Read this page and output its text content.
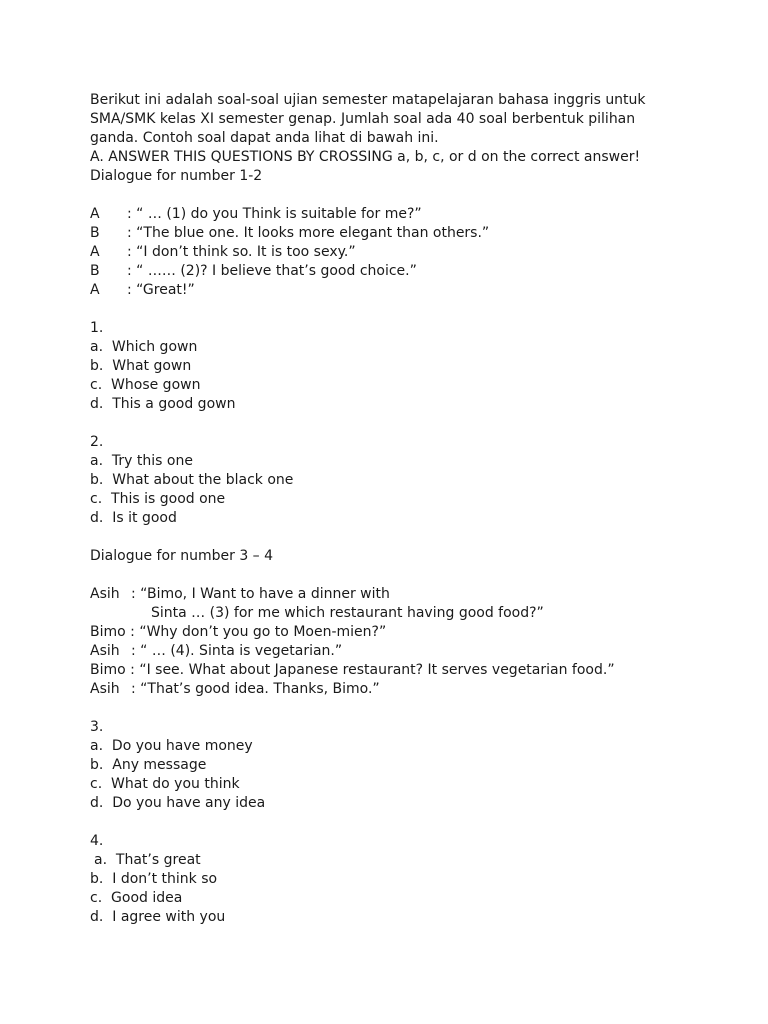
Berikut ini adalah soal-soal ujian semester matapelajaran bahasa inggris untuk
SMA/SMK kelas XI semester genap. Jumlah soal ada 40 soal berbentuk pilihan
ganda. Contoh soal dapat anda lihat di bawah ini.
A. ANSWER THIS QUESTIONS BY CROSSING a, b, c, or d on the correct answer!
Dialogue for number 1-2
A	: “ … (1) do you Think is suitable for me?”
B	: “The blue one. It looks more elegant than others.”
A	: “I don’t think so. It is too sexy.”
B	: “ …… (2)? I believe that’s good choice.”
A	: “Great!”
1.
a.  Which gown
b.  What gown
c.  Whose gown
d.  This a good gown
2.
a.  Try this one
b.  What about the black one
c.  This is good one
d.  Is it good
Dialogue for number 3 – 4
Asih : “Bimo, I Want to have a dinner with
Sinta … (3) for me which restaurant having good food?”
Bimo : “Why don’t you go to Moen-mien?”
Asih : “ … (4). Sinta is vegetarian.”
Bimo : “I see. What about Japanese restaurant? It serves vegetarian food.”
Asih : “That’s good idea. Thanks, Bimo.”
3.
a.  Do you have money
b.  Any message
c.  What do you think
d.  Do you have any idea
4.
a.  That’s great
b.  I don’t think so
c.  Good idea
d.  I agree with you
